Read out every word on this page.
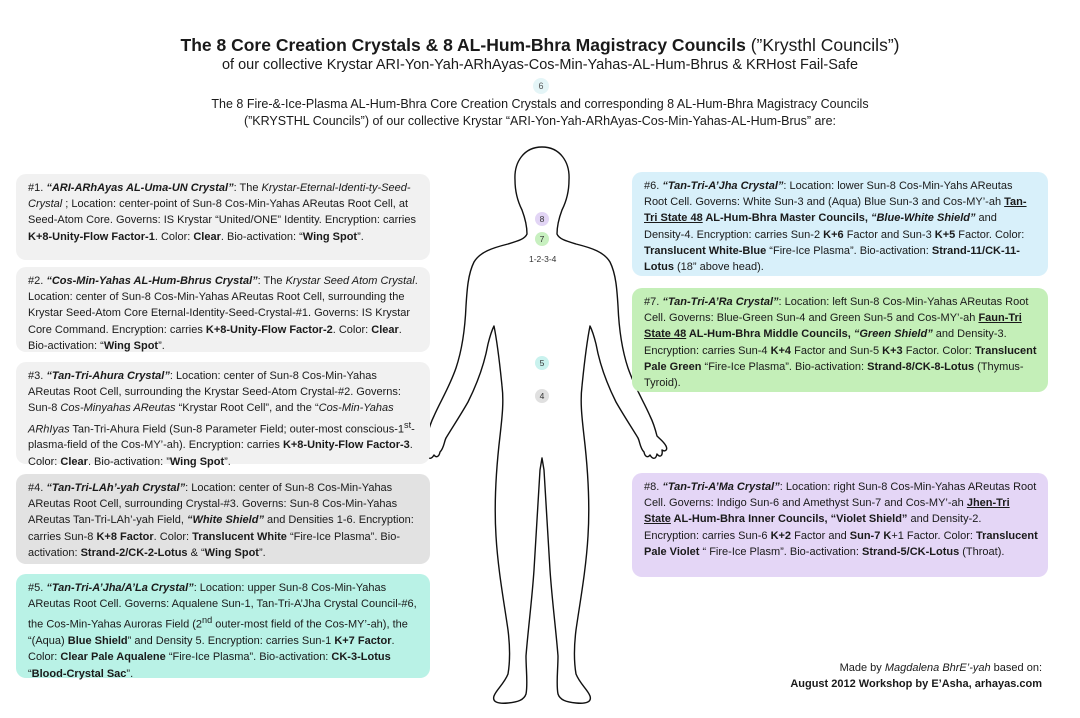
The 8 Core Creation Crystals & 8 AL-Hum-Bhra Magistracy Councils (”Krysthl Councils”)
of our collective Krystar ARI-Yon-Yah-ARhAyas-Cos-Min-Yahas-AL-Hum-Bhrus & KRHost Fail-Safe
6
The 8 Fire-&-Ice-Plasma AL-Hum-Bhra Core Creation Crystals and corresponding 8 AL-Hum-Bhra Magistracy Councils
(”KRYSTHL Councils”) of our collective Krystar “ARI-Yon-Yah-ARhAyas-Cos-Min-Yahas-AL-Hum-Brus” are:
8
7
1-2-3-4
5
4
#1. “ARI-ARhAyas AL-Uma-UN Crystal”: The Krystar-Eternal-Identi-ty-Seed-Crystal ; Location: center-point of Sun-8 Cos-Min-Yahas AReutas Root Cell, at Seed-Atom Core. Governs: IS Krystar “United/ONE” Identity. Encryption: carries K+8-Unity-Flow Factor-1. Color: Clear. Bio-activation: “Wing Spot”.
#2. “Cos-Min-Yahas AL-Hum-Bhrus Crystal”: The Krystar Seed Atom Crystal. Location: center of Sun-8 Cos-Min-Yahas AReutas Root Cell, surrounding the Krystar Seed-Atom Core Eternal-Identity-Seed-Crystal-#1. Governs: IS Krystar Core Command. Encryption: carries K+8-Unity-Flow Factor-2. Color: Clear. Bio-activation: “Wing Spot”.
#3. “Tan-Tri-Ahura Crystal”: Location: center of Sun-8 Cos-Min-Yahas AReutas Root Cell, surrounding the Krystar Seed-Atom Crystal-#2. Governs: Sun-8 Cos-Minyahas AReutas “Krystar Root Cell”, and the “Cos-Min-Yahas ARhIyas Tan-Tri-Ahura Field (Sun-8 Parameter Field; outer-most conscious-1st-plasma-field of the Cos-MY’-ah). Encryption: carries K+8-Unity-Flow Factor-3. Color: Clear. Bio-activation: ”Wing Spot”.
#4. “Tan-Tri-LAh’-yah Crystal”: Location: center of Sun-8 Cos-Min-Yahas AReutas Root Cell, surrounding Crystal-#3. Governs: Sun-8 Cos-Min-Yahas AReutas Tan-Tri-LAh’-yah Field, “White Shield” and Densities 1-6. Encryption: carries Sun-8 K+8 Factor. Color: Translucent White “Fire-Ice Plasma”. Bio-activation: Strand-2/CK-2-Lotus & “Wing Spot”.
#5. “Tan-Tri-A’Jha/A’La Crystal”: Location: upper Sun-8 Cos-Min-Yahas AReutas Root Cell. Governs: Aqualene Sun-1, Tan-Tri-A’Jha Crystal Council-#6, the Cos-Min-Yahas Auroras Field (2nd outer-most field of the Cos-MY’-ah), the “(Aqua) Blue Shield” and Density 5. Encryption: carries Sun-1 K+7 Factor. Color: Clear Pale Aqualene “Fire-Ice Plasma”. Bio-activation: CK-3-Lotus “Blood-Crystal Sac”.
#6. “Tan-Tri-A’Jha Crystal”: Location: lower Sun-8 Cos-Min-Yahs AReutas Root Cell. Governs: White Sun-3 and (Aqua) Blue Sun-3 and Cos-MY’-ah Tan-Tri State 48 AL-Hum-Bhra Master Councils, “Blue-White Shield” and Density-4. Encryption: carries Sun-2 K+6 Factor and Sun-3 K+5 Factor. Color: Translucent White-Blue “Fire-Ice Plasma”. Bio-activation: Strand-11/CK-11-Lotus (18” above head).
#7. “Tan-Tri-A’Ra Crystal”: Location: left Sun-8 Cos-Min-Yahas AReutas Root Cell. Governs: Blue-Green Sun-4 and Green Sun-5 and Cos-MY’-ah Faun-Tri State 48 AL-Hum-Bhra Middle Councils, “Green Shield” and Density-3. Encryption: carries Sun-4 K+4 Factor and Sun-5 K+3 Factor. Color: Translucent Pale Green “Fire-Ice Plasma”. Bio-activation: Strand-8/CK-8-Lotus (Thymus-Tyroid).
#8. “Tan-Tri-A’Ma Crystal”: Location: right Sun-8 Cos-Min-Yahas AReutas Root Cell. Governs: Indigo Sun-6 and Amethyst Sun-7 and Cos-MY’-ah Jhen-Tri State AL-Hum-Bhra Inner Councils, “Violet Shield” and Density-2. Encryption: carries Sun-6 K+2 Factor and Sun-7 K+1 Factor. Color: Translucent Pale Violet “ Fire-Ice Plasm”. Bio-activation: Strand-5/CK-Lotus (Throat).
Made by Magdalena BhrE’-yah based on:
August 2012 Workshop by E’Asha, arhayas.com
